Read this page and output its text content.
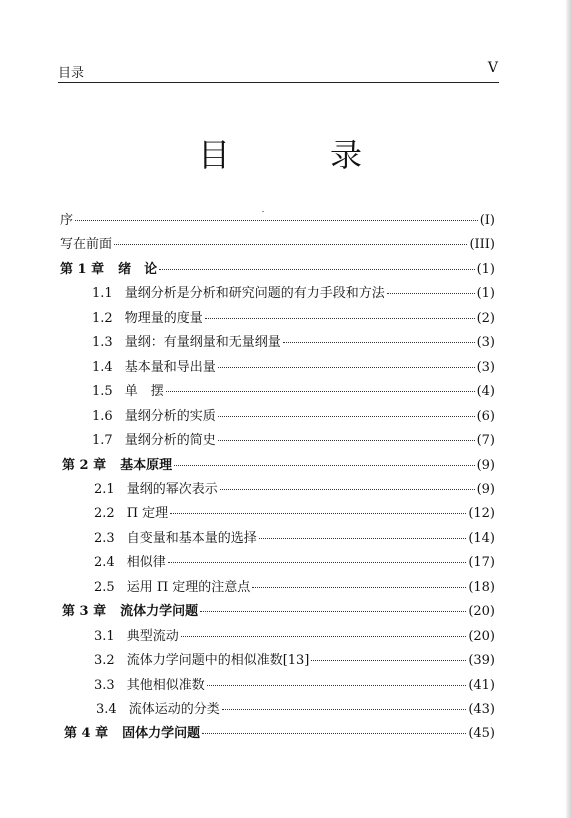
目录	V
目　录
序	(I)
写在前面	(III)
第 1 章 绪　论	(1)
1.1 量纲分析是分析和研究问题的有力手段和方法	(1)
1.2 物理量的度量	(2)
1.3 量纲：有量纲量和无量纲量	(3)
1.4 基本量和导出量	(3)
1.5 单　摆	(4)
1.6 量纲分析的实质	(6)
1.7 量纲分析的简史	(7)
第 2 章 基本原理	(9)
2.1 量纲的幂次表示	(9)
2.2 Π 定理	(12)
2.3 自变量和基本量的选择	(14)
2.4 相似律	(17)
2.5 运用 Π 定理的注意点	(18)
第 3 章 流体力学问题	(20)
3.1 典型流动	(20)
3.2 流体力学问题中的相似准数[13]	(39)
3.3 其他相似准数	(41)
3.4 流体运动的分类	(43)
第 4 章 固体力学问题	(45)
